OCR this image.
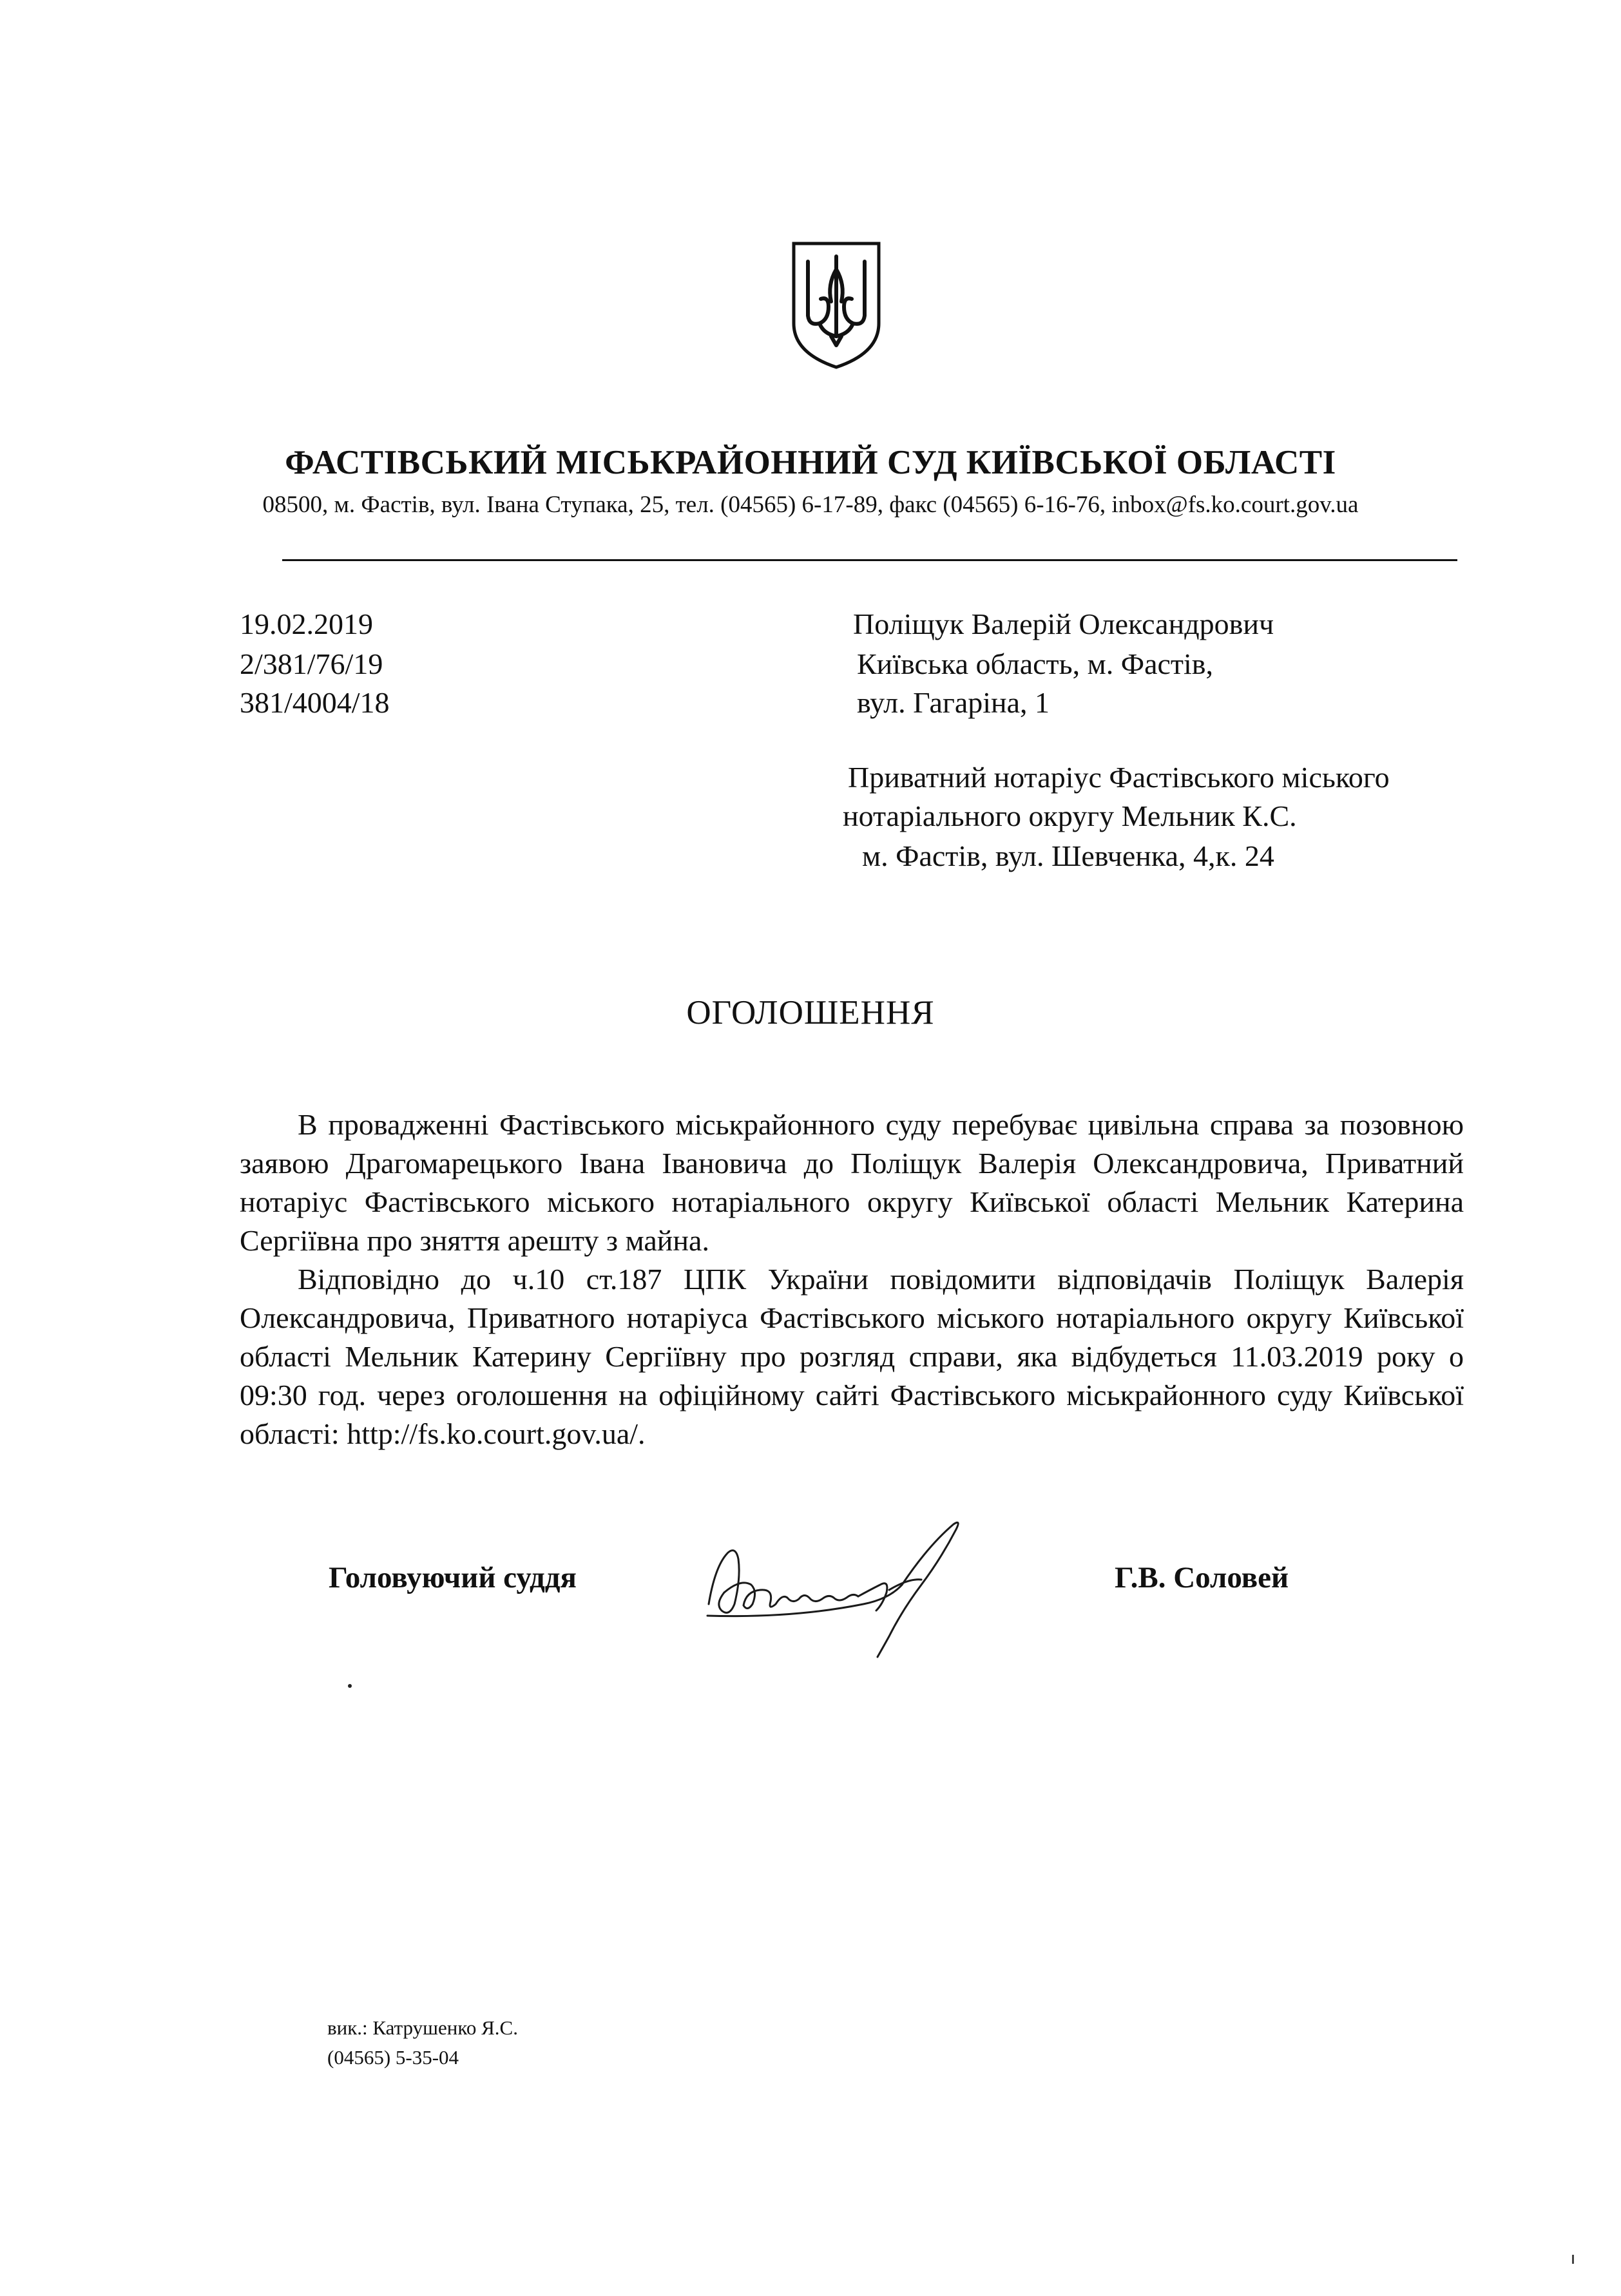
ФАСТІВСЬКИЙ МІСЬКРАЙОННИЙ СУД КИЇВСЬКОЇ ОБЛАСТІ
08500, м. Фастів, вул. Івана Ступака, 25, тел. (04565) 6-17-89, факс (04565) 6-16-76, inbox@fs.ko.court.gov.ua
19.02.2019
2/381/76/19
381/4004/18
Поліщук Валерій Олександрович
Київська область, м. Фастів,
вул. Гагаріна, 1
Приватний нотаріус Фастівського міського
нотаріального округу Мельник К.С.
м. Фастів, вул. Шевченка, 4,к. 24
ОГОЛОШЕННЯ

В провадженні Фастівського міськрайонного суду перебуває цивільна справа за позовною заявою Драгомарецького Івана Івановича до Поліщук Валерія Олександровича, Приватний нотаріус Фастівського міського нотаріального округу Київської області Мельник Катерина Сергіївна про зняття арешту з майна.

Відповідно до ч.10 ст.187 ЦПК України повідомити відповідачів Поліщук Валерія Олександровича, Приватного нотаріуса Фастівського міського нотаріального округу Київської області Мельник Катерину Сергіївну про розгляд справи, яка відбудеться 11.03.2019 року о 09:30 год. через оголошення на офіційному сайті Фастівського міськрайонного суду Київської області: http://fs.ko.court.gov.ua/.

Головуючий суддя	Г.В. Соловей
вик.: Катрушенко Я.С.
(04565) 5-35-04
